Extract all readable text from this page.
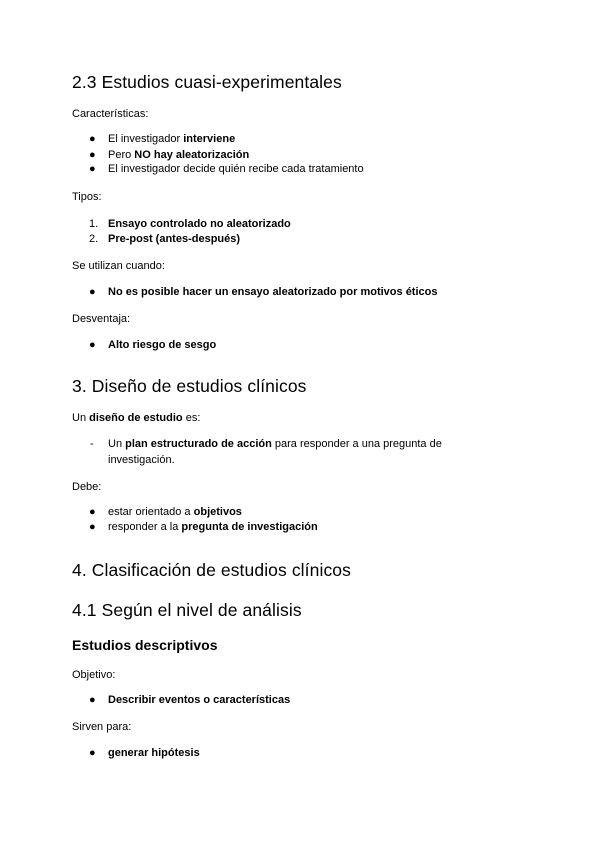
2.3 Estudios cuasi-experimentales
Características:
● El investigador interviene
● Pero NO hay aleatorización
● El investigador decide quién recibe cada tratamiento
Tipos:
1. Ensayo controlado no aleatorizado
2. Pre-post (antes-después)
Se utilizan cuando:
● No es posible hacer un ensayo aleatorizado por motivos éticos
Desventaja:
● Alto riesgo de sesgo
3. Diseño de estudios clínicos
Un diseño de estudio es:
- Un plan estructurado de acción para responder a una pregunta de
investigación.
Debe:
● estar orientado a objetivos
● responder a la pregunta de investigación
4. Clasificación de estudios clínicos
4.1 Según el nivel de análisis
Estudios descriptivos
Objetivo:
● Describir eventos o características
Sirven para:
● generar hipótesis
